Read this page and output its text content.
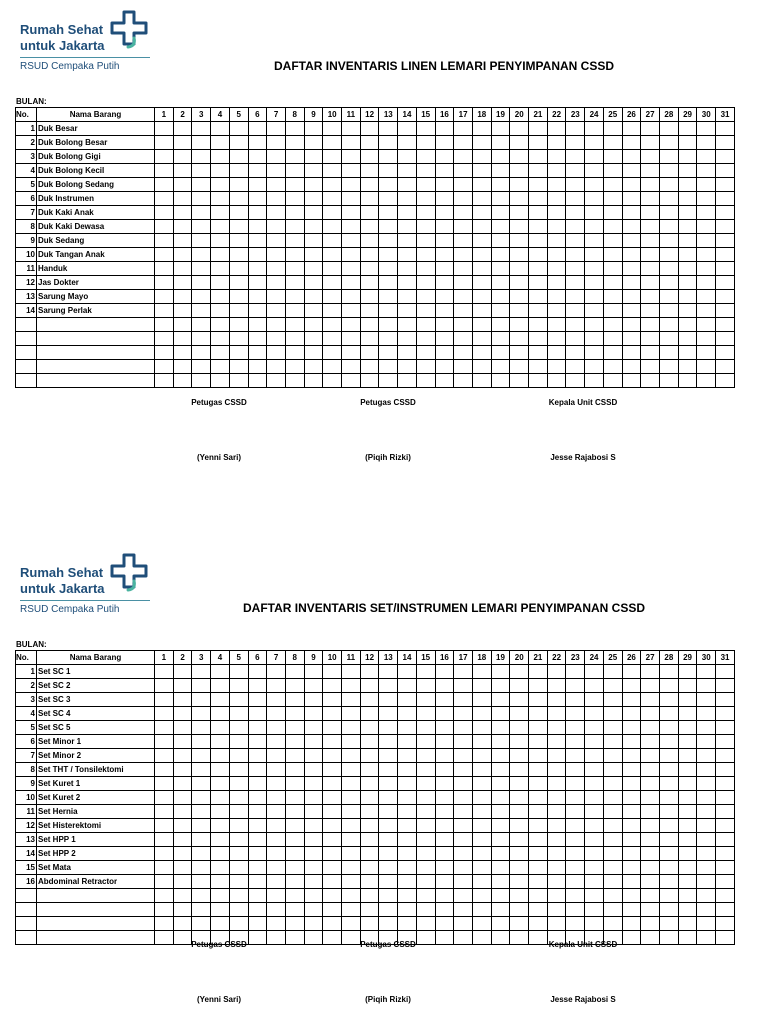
Rumah Sehat
untuk Jakarta
RSUD Cempaka Putih	DAFTAR INVENTARIS LINEN LEMARI PENYIMPANAN CSSD
BULAN:
No.	Nama Barang	1	2	3	4	5	6	7	8	9	10	11	12	13	14	15	16	17	18	19	20	21	22	23	24	25	26	27	28	29	30	31
1	Duk Besar																															
2	Duk Bolong Besar																															
3	Duk Bolong Gigi																															
4	Duk Bolong Kecil																															
5	Duk Bolong Sedang																															
6	Duk Instrumen																															
7	Duk Kaki Anak																															
8	Duk Kaki Dewasa																															
9	Duk Sedang																															
10	Duk Tangan Anak																															
11	Handuk																															
12	Jas Dokter																															
13	Sarung Mayo																															
14	Sarung Perlak																															

Petugas CSSD	Petugas CSSD	Kepala Unit CSSD
(Yenni Sari)	(Piqih Rizki)	Jesse Rajabosi S
Rumah Sehat
untuk Jakarta
RSUD Cempaka Putih	DAFTAR INVENTARIS SET/INSTRUMEN LEMARI PENYIMPANAN CSSD
BULAN:
No.	Nama Barang	1	2	3	4	5	6	7	8	9	10	11	12	13	14	15	16	17	18	19	20	21	22	23	24	25	26	27	28	29	30	31
1	Set SC 1																															
2	Set SC 2																															
3	Set SC 3																															
4	Set SC 4																															
5	Set SC 5																															
6	Set Minor 1																															
7	Set Minor 2																															
8	Set THT / Tonsilektomi																															
9	Set Kuret 1																															
10	Set Kuret 2																															
11	Set Hernia																															
12	Set Histerektomi																															
13	Set HPP 1																															
14	Set HPP 2																															
15	Set Mata																															
16	Abdominal Retractor																															

Petugas CSSD	Petugas CSSD	Kepala Unit CSSD
(Yenni Sari)	(Piqih Rizki)	Jesse Rajabosi S
